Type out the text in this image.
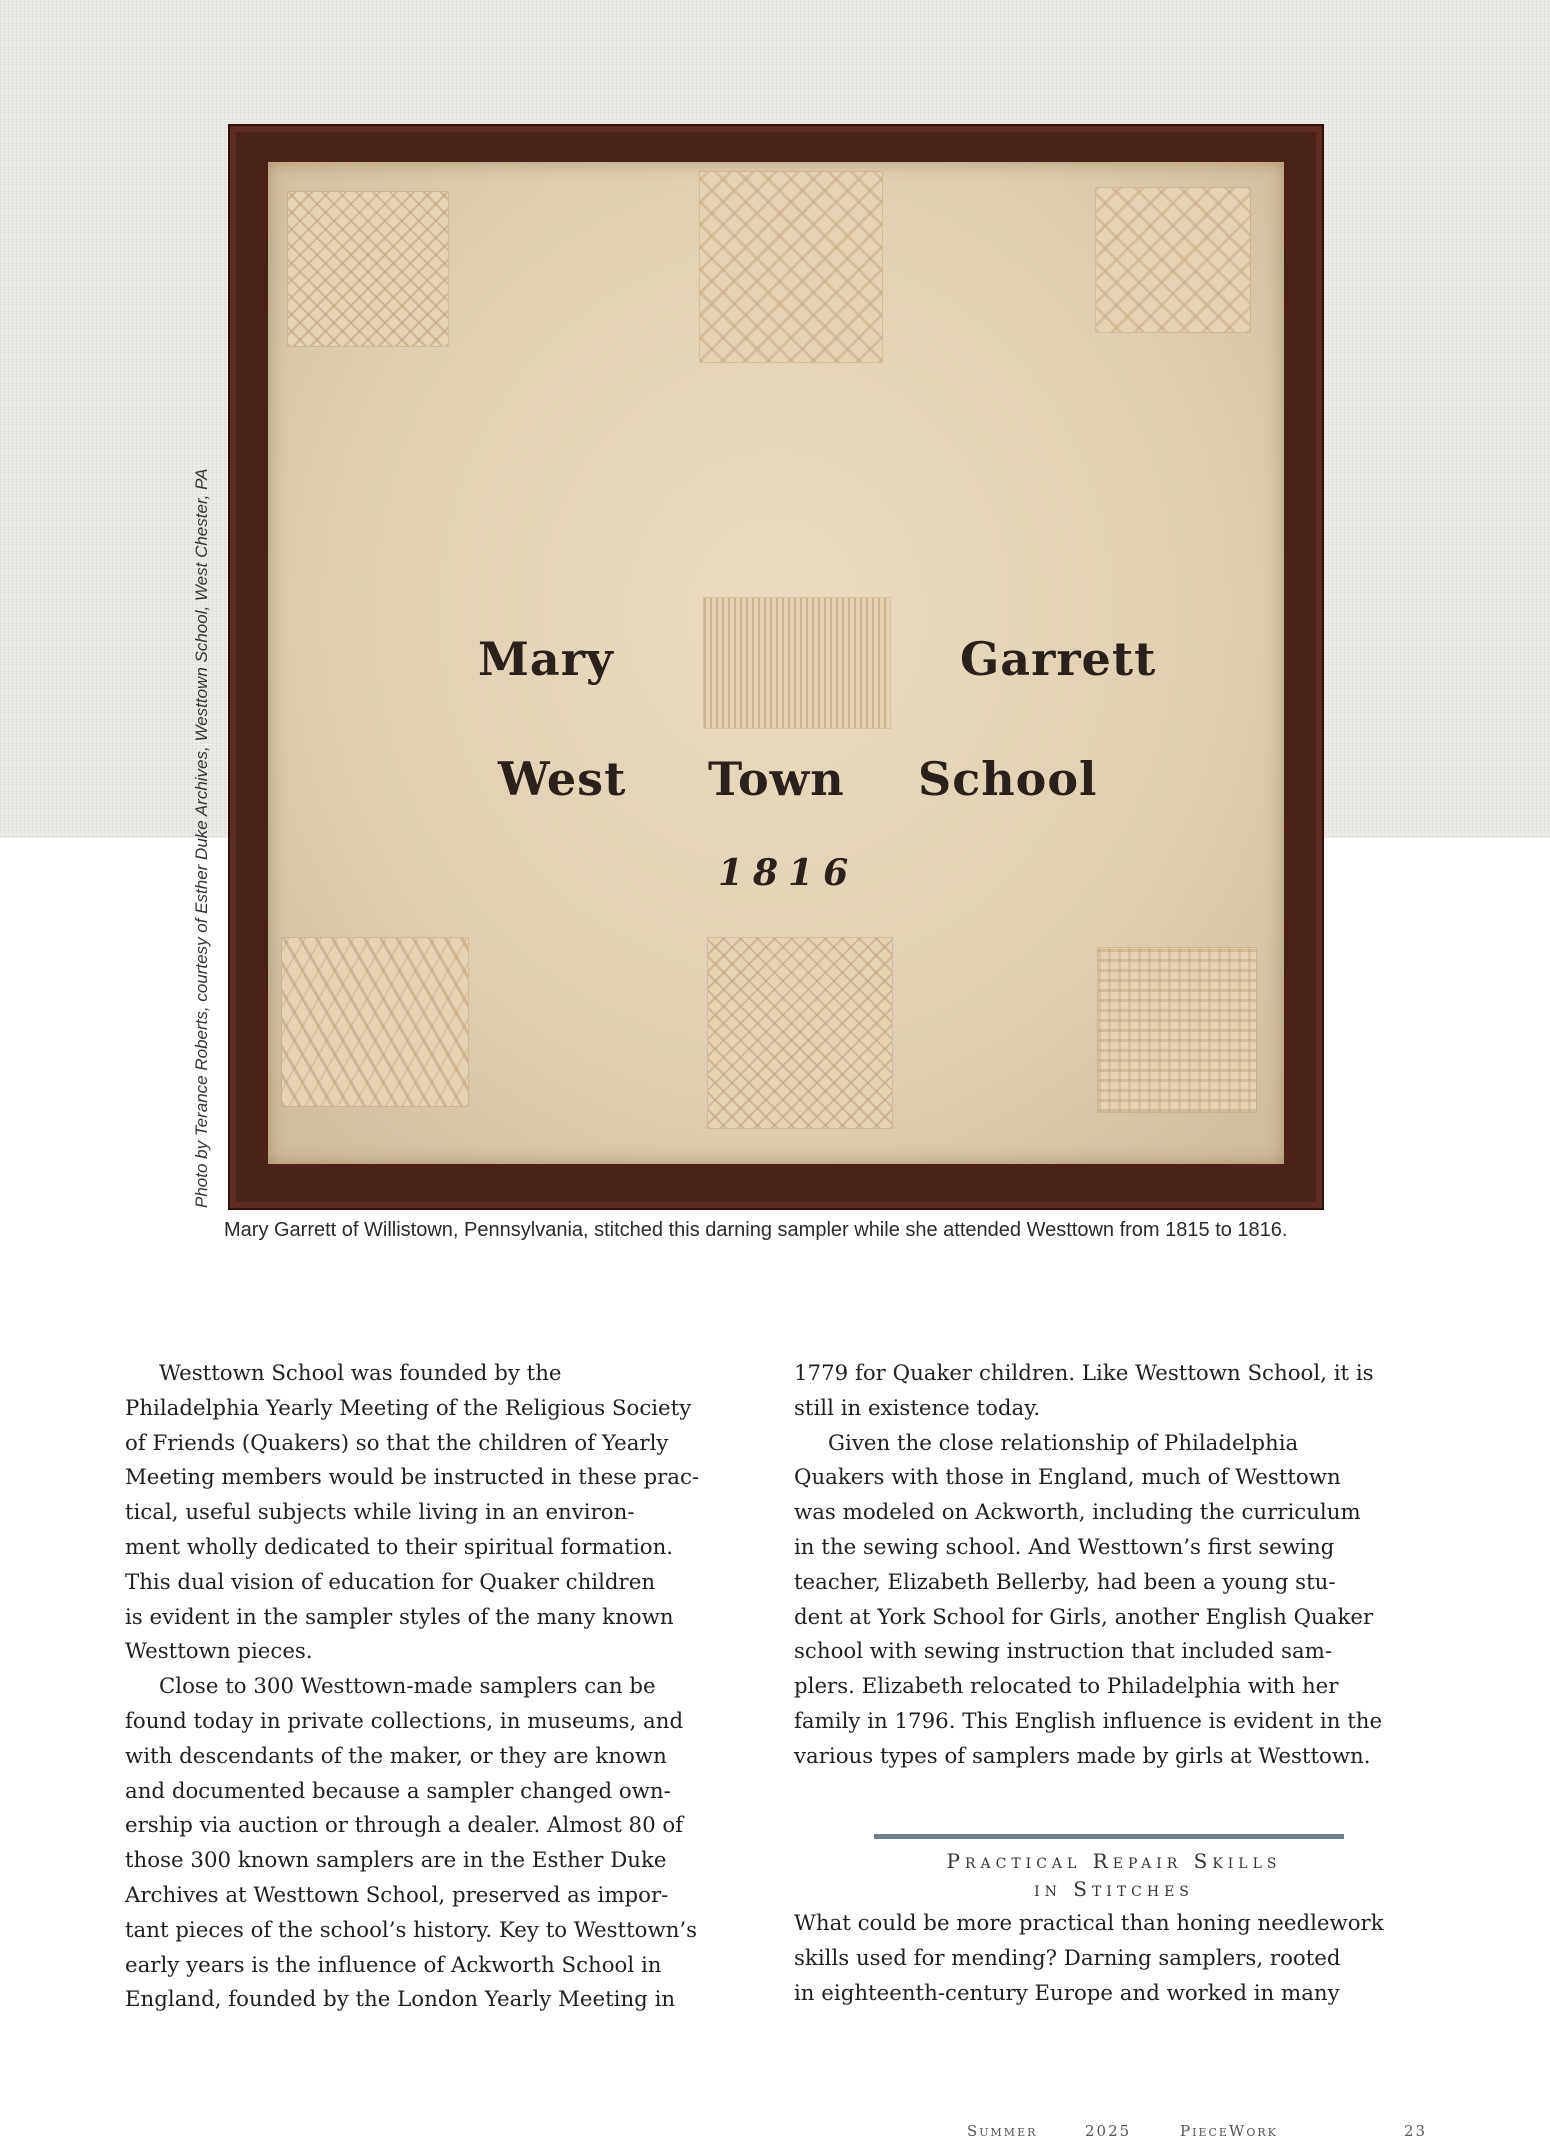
Mary	Garrett
West Town School
1816
Photo by Terance Roberts, courtesy of Esther Duke Archives, Westtown School, West Chester, PA
Mary Garrett of Willistown, Pennsylvania, stitched this darning sampler while she attended Westtown from 1815 to 1816.
Westtown School was founded by the
Philadelphia Yearly Meeting of the Religious Society
of Friends (Quakers) so that the children of Yearly
Meeting members would be instructed in these prac-
tical, useful subjects while living in an environ-
ment wholly dedicated to their spiritual formation.
This dual vision of education for Quaker children
is evident in the sampler styles of the many known
Westtown pieces.
Close to 300 Westtown-made samplers can be
found today in private collections, in museums, and
with descendants of the maker, or they are known
and documented because a sampler changed own-
ership via auction or through a dealer. Almost 80 of
those 300 known samplers are in the Esther Duke
Archives at Westtown School, preserved as impor-
tant pieces of the school’s history. Key to Westtown’s
early years is the influence of Ackworth School in
England, founded by the London Yearly Meeting in
1779 for Quaker children. Like Westtown School, it is
still in existence today.
Given the close relationship of Philadelphia
Quakers with those in England, much of Westtown
was modeled on Ackworth, including the curriculum
in the sewing school. And Westtown’s first sewing
teacher, Elizabeth Bellerby, had been a young stu-
dent at York School for Girls, another English Quaker
school with sewing instruction that included sam-
plers. Elizabeth relocated to Philadelphia with her
family in 1796. This English influence is evident in the
various types of samplers made by girls at Westtown.
Practical Repair Skills
in Stitches
What could be more practical than honing needlework
skills used for mending? Darning samplers, rooted
in eighteenth-century Europe and worked in many
Summer	2025	PieceWork	23
